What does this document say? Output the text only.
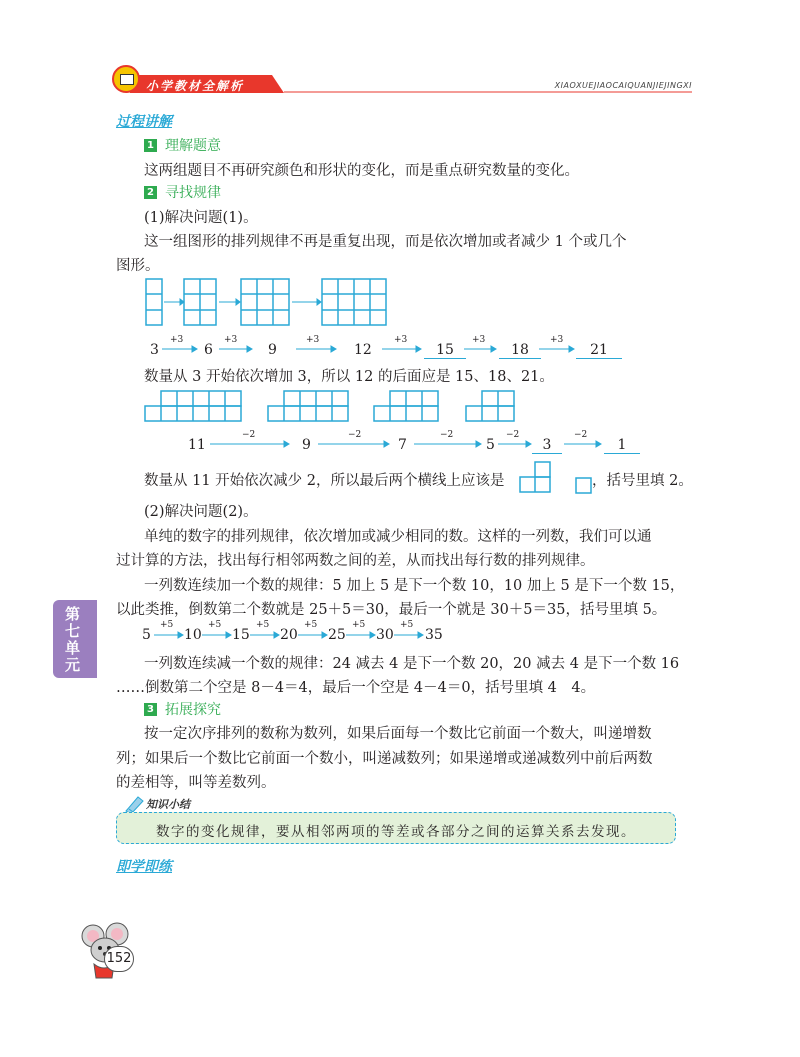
小学教材全解析	XIAOXUEJIAOCAIQUANJIEJINGXI
过程讲解
1 理解题意
这两组题目不再研究颜色和形状的变化，而是重点研究数量的变化。
2 寻找规律
(1)解决问题(1)。
这一组图形的排列规律不再是重复出现，而是依次增加或者减少 1 个或几个
图形。
+3	+3	+3	+3	+3	+3
3	6	9	12	15	18	21
数量从 3 开始依次增加 3，所以 12 的后面应是 15、18、21。
−2	−2	−2	−2	−2
11	9	7	5	3	1
数量从 11 开始依次减少 2，所以最后两个横线上应该是	，括号里填 2。
(2)解决问题(2)。
单纯的数字的排列规律，依次增加或减少相同的数。这样的一列数，我们可以通
过计算的方法，找出每行相邻两数之间的差，从而找出每行数的排列规律。
一列数连续加一个数的规律：5 加上 5 是下一个数 10，10 加上 5 是下一个数 15，
以此类推，倒数第二个数就是 25＋5＝30，最后一个就是 30＋5＝35，括号里填 5。
+5	+5	+5	+5	+5	+5
5 10 15 20 25 30 35
一列数连续减一个数的规律：24 减去 4 是下一个数 20，20 减去 4 是下一个数 16
……倒数第二个空是 8－4＝4，最后一个空是 4－4＝0，括号里填 4　4。
3 拓展探究
按一定次序排列的数称为数列，如果后面每一个数比它前面一个数大，叫递增数
列；如果后一个数比它前面一个数小，叫递减数列；如果递增或递减数列中前后两数
的差相等，叫等差数列。
知识小结
数字的变化规律，要从相邻两项的等差或各部分之间的运算关系去发现。
即学即练
第七单元
152
